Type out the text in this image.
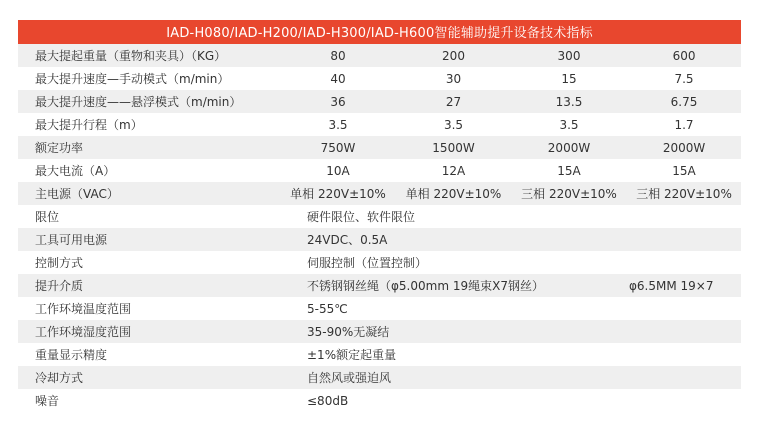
IAD-H080/IAD-H200/IAD-H300/IAD-H600智能辅助提升设备技术指标				
最大提起重量（重物和夹具）（KG）	80	200	300	600
最大提升速度—手动模式（m/min）	40	30	15	7.5
最大提升速度——悬浮模式（m/min）	36	27	13.5	6.75
最大提升行程（m）	3.5	3.5	3.5	1.7
额定功率	750W	1500W	2000W	2000W
最大电流（A）	10A	12A	15A	15A
主电源（VAC）	单相 220V±10%	单相 220V±10%	三相 220V±10%	三相 220V±10%
限位	硬件限位、软件限位			
工具可用电源	24VDC、0.5A			
控制方式	伺服控制（位置控制）			
提升介质	不锈钢钢丝绳（φ5.00mm 19绳束X7钢丝）			φ6.5MM 19×7
工作环境温度范围	5-55℃			
工作环境湿度范围	35-90%无凝结			
重量显示精度	±1%额定起重量			
冷却方式	自然风或强迫风			
噪音	≤80dB			
